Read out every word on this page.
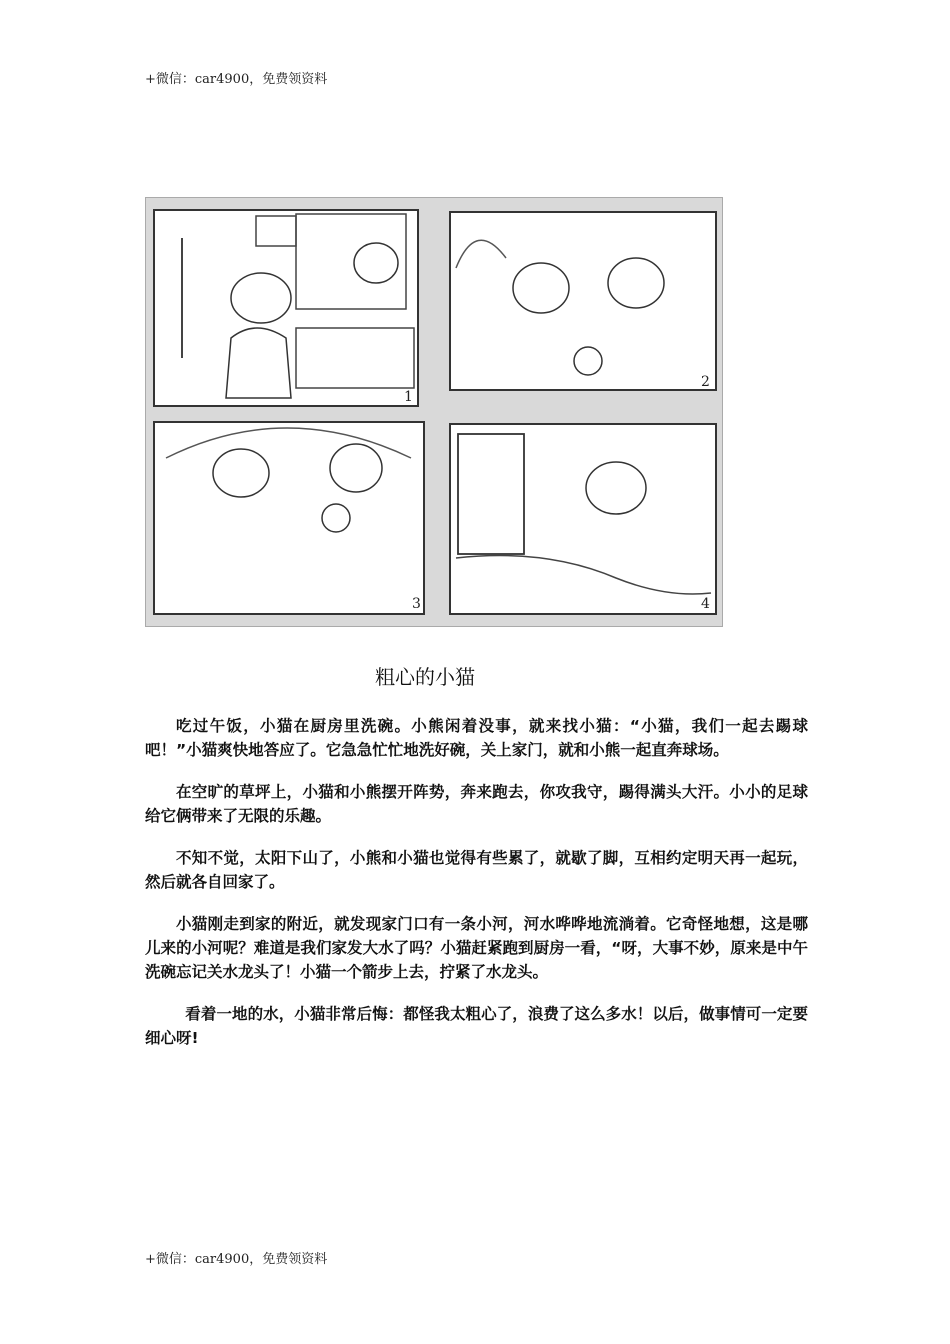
+微信：car4900，免费领资料
1
2
3	4
粗心的小猫

吃过午饭，小猫在厨房里洗碗。小熊闲着没事，就来找小猫：“小猫，我们一起去踢球吧！”小猫爽快地答应了。它急急忙忙地洗好碗，关上家门，就和小熊一起直奔球场。

在空旷的草坪上，小猫和小熊摆开阵势，奔来跑去，你攻我守，踢得满头大汗。小小的足球给它俩带来了无限的乐趣。

不知不觉，太阳下山了，小熊和小猫也觉得有些累了，就歇了脚，互相约定明天再一起玩，然后就各自回家了。

小猫刚走到家的附近，就发现家门口有一条小河，河水哗哗地流淌着。它奇怪地想，这是哪儿来的小河呢？难道是我们家发大水了吗？小猫赶紧跑到厨房一看，“呀，大事不妙，原来是中午洗碗忘记关水龙头了！小猫一个箭步上去，拧紧了水龙头。

看着一地的水，小猫非常后悔：都怪我太粗心了，浪费了这么多水！以后，做事情可一定要细心呀!

+微信：car4900，免费领资料
